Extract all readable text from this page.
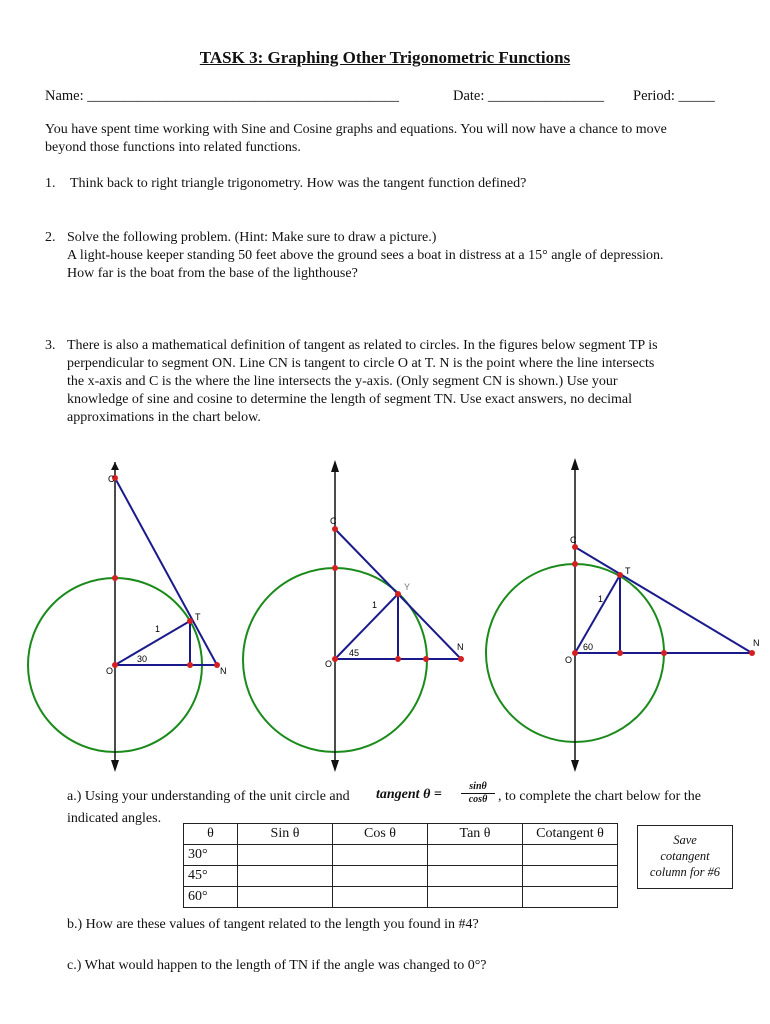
TASK 3: Graphing Other Trigonometric Functions
Name: ___________________________________________	Date: ________________ Period: _____
You have spent time working with Sine and Cosine graphs and equations. You will now have a chance to move
beyond those functions into related functions.
1. Think back to right triangle trigonometry. How was the tangent function defined?
2. Solve the following problem. (Hint: Make sure to draw a picture.)
A light-house keeper standing 50 feet above the ground sees a boat in distress at a 15° angle of depression.
How far is the boat from the base of the lighthouse?
3. There is also a mathematical definition of tangent as related to circles. In the figures below segment TP is
perpendicular to segment ON. Line CN is tangent to circle O at T. N is the point where the line intersects
the x-axis and C is the where the line intersects the y-axis. (Only segment CN is shown.) Use your
knowledge of sine and cosine to determine the length of segment TN. Use exact answers, no decimal
approximations in the chart below.
C
T
N
O
1
30
C
Y
N
O
1
45
C
T
N
O
1
60
a.) Using your understanding of the unit circle and tangent $\theta = \frac{\sin\theta}{\cos\theta}$ , to complete the chart below for the
indicated angles.
θ	Sin θ	Cos θ	Tan θ	Cotangent θ
30°				
45°				
60°				
Save
cotangent
column for #6
b.) How are these values of tangent related to the length you found in #4?
c.) What would happen to the length of TN if the angle was changed to 0°?
